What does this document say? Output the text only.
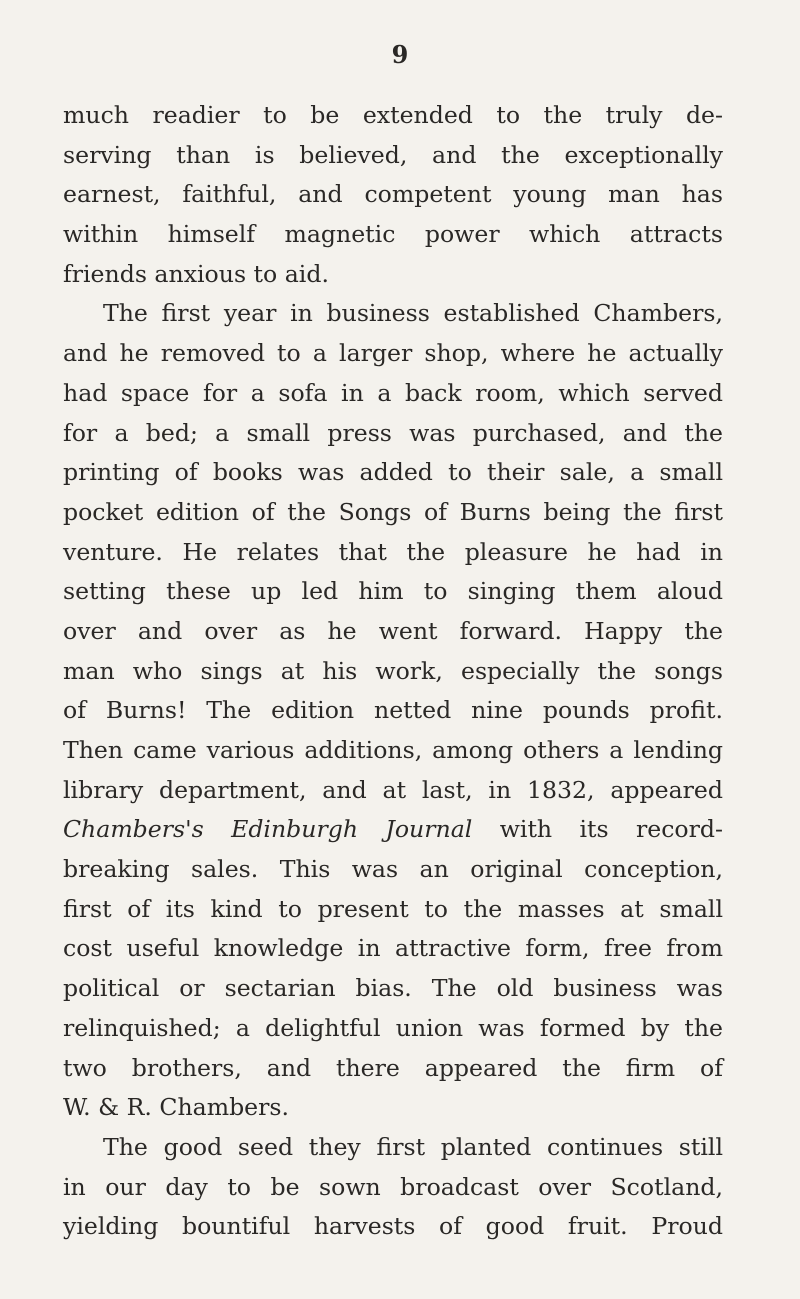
9
much readier to be extended to the truly de-
serving than is believed, and the exceptionally
earnest, faithful, and competent young man has
within himself magnetic power which attracts
friends anxious to aid.
The first year in business established Chambers,
and he removed to a larger shop, where he actually
had space for a sofa in a back room, which served
for a bed; a small press was purchased, and the
printing of books was added to their sale, a small
pocket edition of the Songs of Burns being the first
venture. He relates that the pleasure he had in
setting these up led him to singing them aloud
over and over as he went forward. Happy the
man who sings at his work, especially the songs
of Burns! The edition netted nine pounds profit.
Then came various additions, among others a lending
library department, and at last, in 1832, appeared
Chambers's Edinburgh Journal with its record-
breaking sales. This was an original conception,
first of its kind to present to the masses at small
cost useful knowledge in attractive form, free from
political or sectarian bias. The old business was
relinquished; a delightful union was formed by the
two brothers, and there appeared the firm of
W. & R. Chambers.
The good seed they first planted continues still
in our day to be sown broadcast over Scotland,
yielding bountiful harvests of good fruit. Proud
